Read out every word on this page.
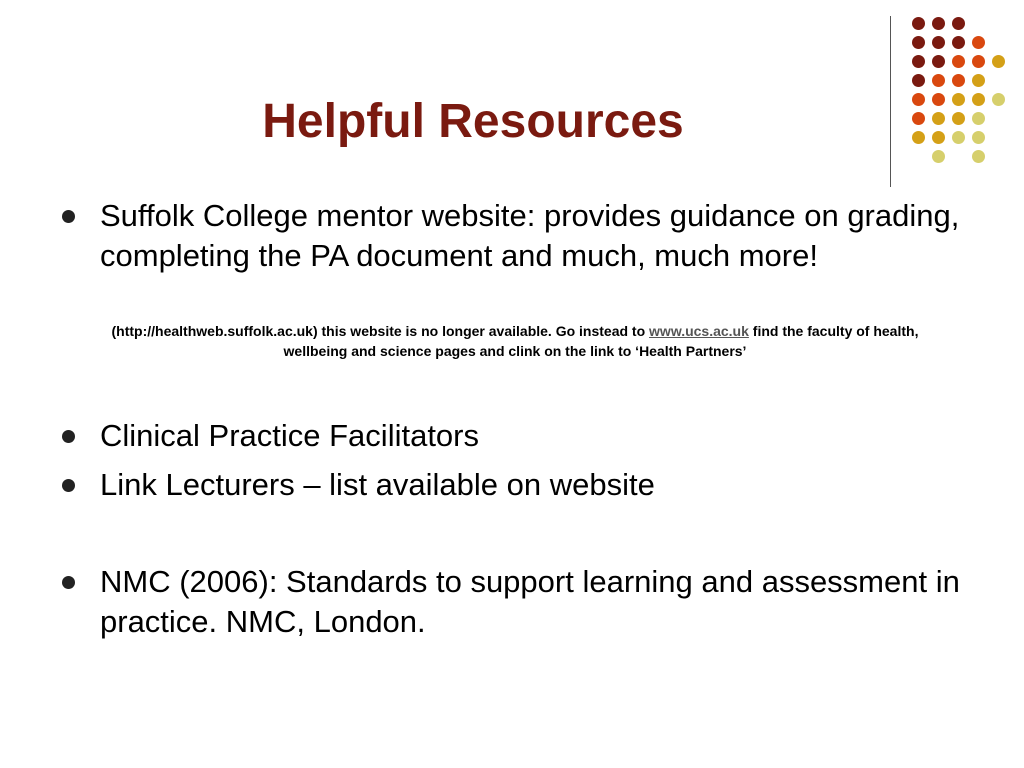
Helpful Resources
Suffolk College mentor website: provides guidance on grading, completing the PA document and much, much more!
(http://healthweb.suffolk.ac.uk) this website is no longer available. Go instead to www.ucs.ac.uk find the faculty of health, wellbeing and science pages and clink on the link to ‘Health Partners’
Clinical Practice Facilitators
Link Lecturers – list available on website
NMC (2006): Standards to support learning and assessment in practice. NMC, London.
